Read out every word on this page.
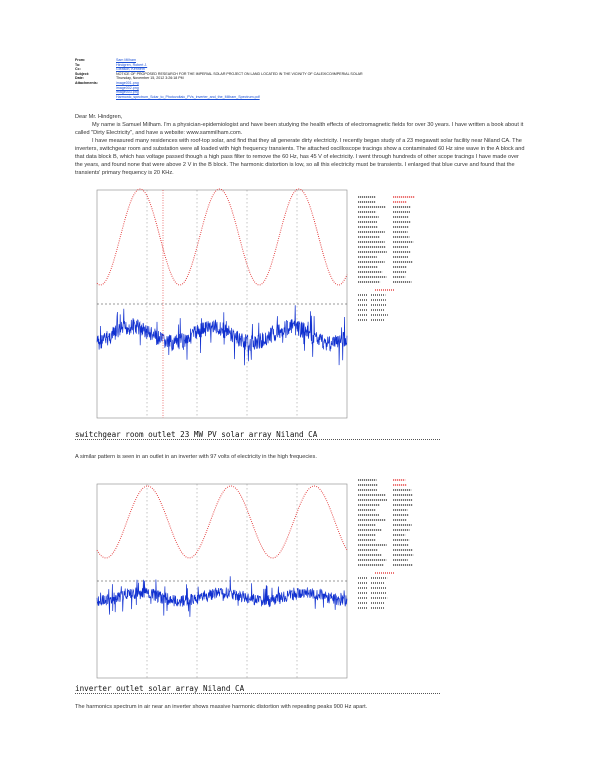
From:	Sam Milham
To:	Hindgren, Robert J.
Cc:	Gleason, Kenneth
Subject:	NOTICE OF PROPOSED RESEARCH FOR THE IMPERIAL SOLAR PROJECT ON LAND LOCATED IN THE VICINITY OF CALEXICO/IMPERIAL SOLAR
Date:	Thursday, November 15, 2012 3:26:18 PM
Attachments:	image001.png
image002.png
image003.png
Harmonic_spectrum_Solar_to_Photovoltaic_PVs_inverter_and_the_Milham_Spectrum.pdf

Dear Mr. Hindgren,

My name is Samuel Milham. I'm a physician-epidemiologist and have been studying the health effects of electromagnetic fields for over 30 years. I have written a book about it called "Dirty Electricity", and have a website: www.sammilham.com.

I have measured many residences with roof-top solar, and find that they all generate dirty electricity. I recently began study of a 23 megawatt solar facility near Niland CA. The inverters, switchgear room and substation were all loaded with high frequency transients. The attached oscilloscope tracings show a contaminated 60 Hz sine wave in the A block and that data block B, which has voltage passed though a high pass filter to remove the 60 Hz, has 45 V of electricity. I went through hundreds of other scope tracings I have made over the years, and found none that were above 2 V in the B block. The harmonic distortion is low, so all this electricity must be transients. I enlarged that blue curve and found that the transients' primary frequency is 20 KHz.

switchgear room outlet 23 MW PV solar array Niland CA
A similar pattern is seen in an outlet in an inverter with 97 volts of electricity in the high frequecies.
inverter outlet solar array Niland CA
The harmonics spectrum in air near an inverter shows massive harmonic distortion with repeating peaks 900 Hz apart.
